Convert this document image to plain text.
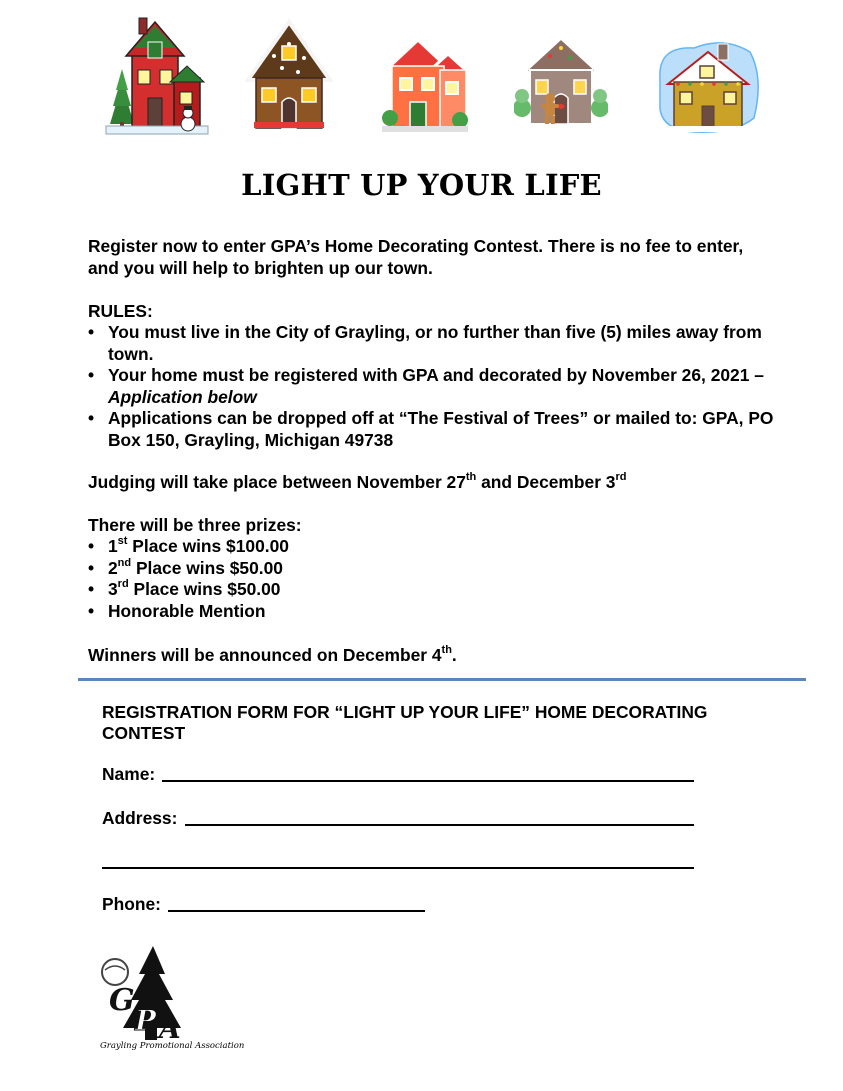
LIGHT UP YOUR LIFE
Register now to enter GPA’s Home Decorating Contest. There is no fee to enter,
and you will help to brighten up our town.
RULES:
• You must live in the City of Grayling, or no further than five (5) miles away from town.
• Your home must be registered with GPA and decorated by November 26, 2021 –
Application below
• Applications can be dropped off at “The Festival of Trees” or mailed to: GPA, PO Box 150, Grayling, Michigan 49738
Judging will take place between November 27th and December 3rd
There will be three prizes:
• 1st Place wins $100.00
• 2nd Place wins $50.00
• 3rd Place wins $50.00
• Honorable Mention
Winners will be announced on December 4th.
REGISTRATION FORM FOR “LIGHT UP YOUR LIFE” HOME DECORATING
CONTEST
Name:
Address:
Phone:
G
P A
Grayling Promotional Association
